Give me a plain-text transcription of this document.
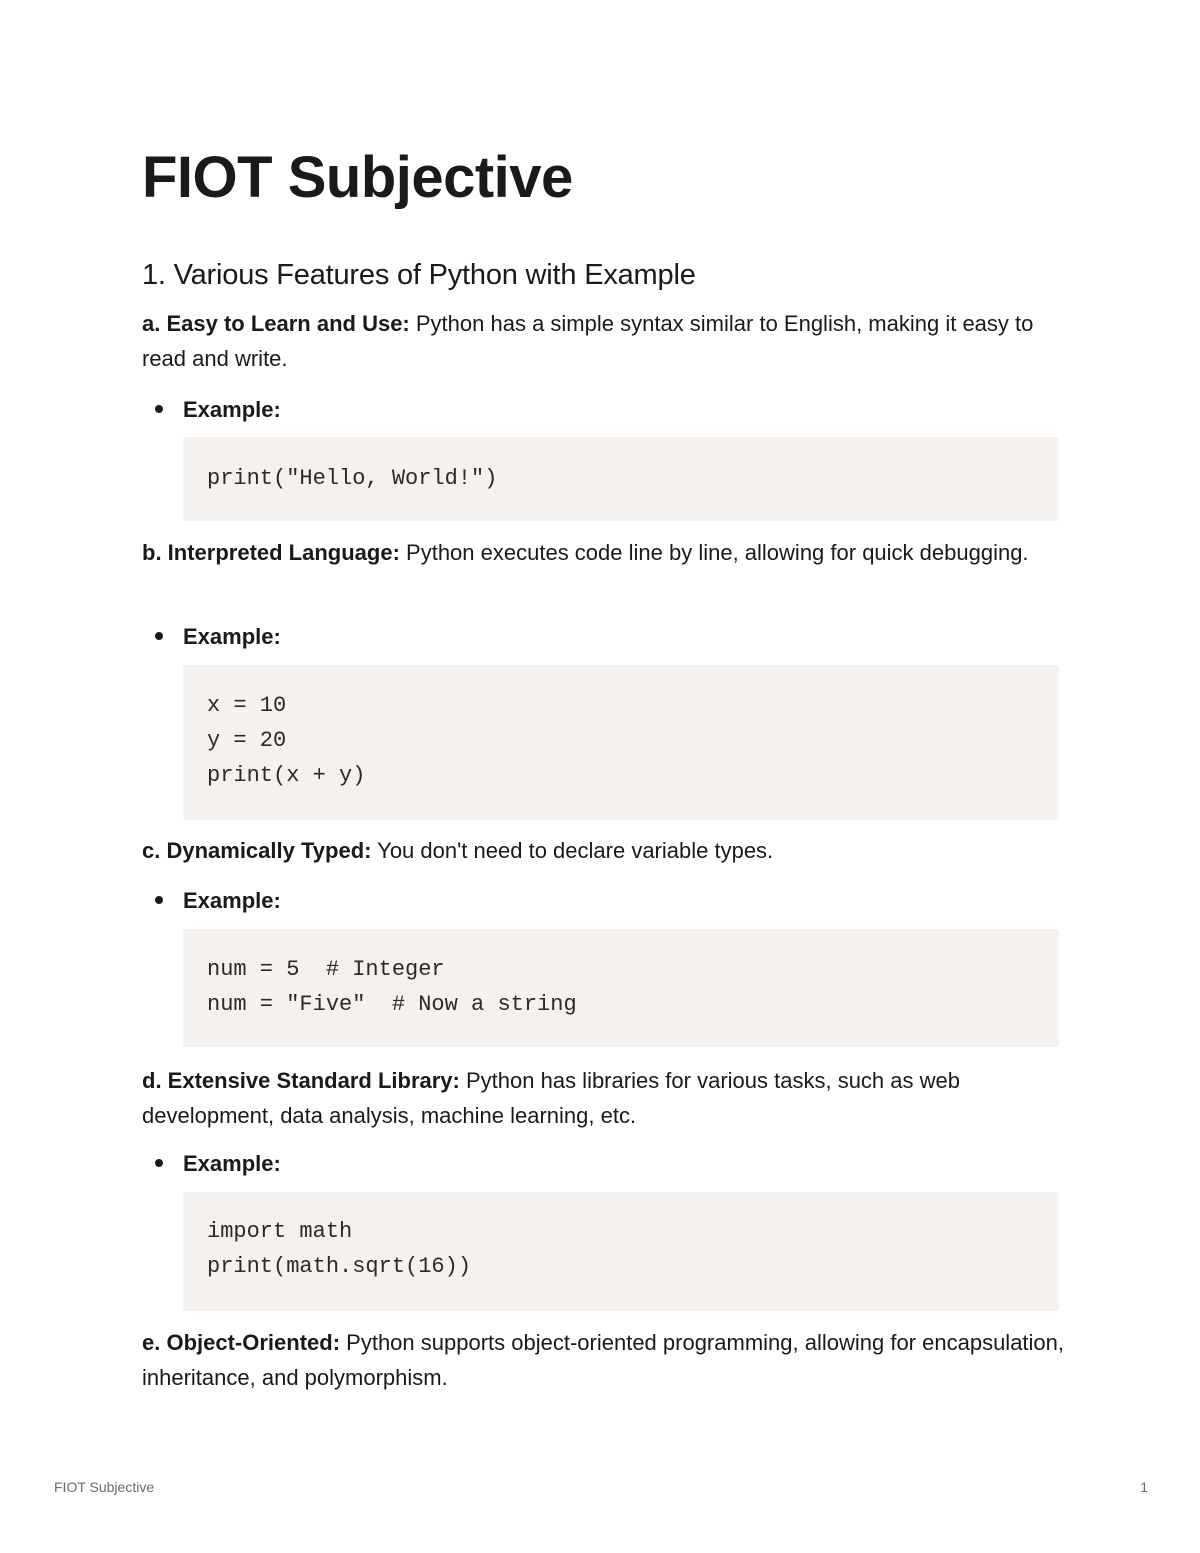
FIOT Subjective
1. Various Features of Python with Example

a. Easy to Learn and Use: Python has a simple syntax similar to English, making it easy to read and write.

Example:

print("Hello, World!")

b. Interpreted Language: Python executes code line by line, allowing for quick debugging.

Example:

x = 10
y = 20
print(x + y)

c. Dynamically Typed: You don't need to declare variable types.

Example:

num = 5  # Integer
num = "Five"  # Now a string

d. Extensive Standard Library: Python has libraries for various tasks, such as web development, data analysis, machine learning, etc.

Example:

import math
print(math.sqrt(16))

e. Object-Oriented: Python supports object-oriented programming, allowing for encapsulation, inheritance, and polymorphism.

FIOT Subjective	1
